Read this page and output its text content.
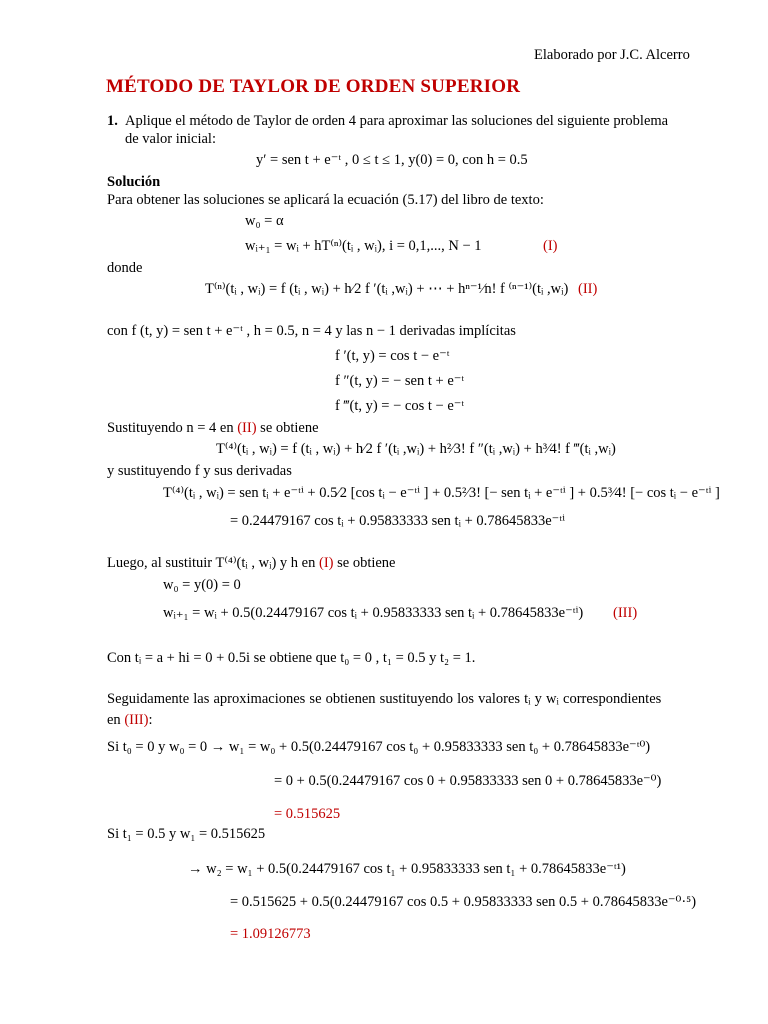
Elaborado por J.C. Alcerro
MÉTODO DE TAYLOR DE ORDEN SUPERIOR
1. Aplique el método de Taylor de orden 4 para aproximar las soluciones del siguiente problema
de valor inicial:
y′ = sen t + e⁻ᵗ , 0 ≤ t ≤ 1, y(0) = 0, con h = 0.5
Solución
Para obtener las soluciones se aplicará la ecuación (5.17) del libro de texto:
w₀ = α
wᵢ₊₁ = wᵢ + hT⁽ⁿ⁾(tᵢ , wᵢ), i = 0,1,..., N − 1	(I)
donde
T⁽ⁿ⁾(tᵢ , wᵢ) = f (tᵢ , wᵢ) + h⁄2 f ′(tᵢ ,wᵢ) + ⋯ + hⁿ⁻¹⁄n! f ⁽ⁿ⁻¹⁾(tᵢ ,wᵢ) (II)
con f (t, y) = sen t + e⁻ᵗ , h = 0.5, n = 4 y las n − 1 derivadas implícitas
f ′(t, y) = cos t − e⁻ᵗ
f ″(t, y) = − sen t + e⁻ᵗ
f ‴(t, y) = − cos t − e⁻ᵗ
Sustituyendo n = 4 en (II) se obtiene
T⁽⁴⁾(tᵢ , wᵢ) = f (tᵢ , wᵢ) + h⁄2 f ′(tᵢ ,wᵢ) + h²⁄3! f ″(tᵢ ,wᵢ) + h³⁄4! f ‴(tᵢ ,wᵢ)
y sustituyendo f y sus derivadas
T⁽⁴⁾(tᵢ , wᵢ) = sen tᵢ + e⁻ᵗⁱ + 0.5⁄2 [cos tᵢ − e⁻ᵗⁱ ] + 0.5²⁄3! [− sen tᵢ + e⁻ᵗⁱ ] + 0.5³⁄4! [− cos tᵢ − e⁻ᵗⁱ ]
= 0.24479167 cos tᵢ + 0.95833333 sen tᵢ + 0.78645833e⁻ᵗⁱ
Luego, al sustituir T⁽⁴⁾(tᵢ , wᵢ) y h en (I) se obtiene
w₀ = y(0) = 0
wᵢ₊₁ = wᵢ + 0.5(0.24479167 cos tᵢ + 0.95833333 sen tᵢ + 0.78645833e⁻ᵗⁱ) (III)
Con tᵢ = a + hi = 0 + 0.5i se obtiene que t₀ = 0 , t₁ = 0.5 y t₂ = 1.
Seguidamente las aproximaciones se obtienen sustituyendo los valores tᵢ y wᵢ correspondientes
en (III):
Si t₀ = 0 y w₀ = 0 → w₁ = w₀ + 0.5(0.24479167 cos t₀ + 0.95833333 sen t₀ + 0.78645833e⁻ᵗ⁰)
= 0 + 0.5(0.24479167 cos 0 + 0.95833333 sen 0 + 0.78645833e⁻⁰)
= 0.515625
Si t₁ = 0.5 y w₁ = 0.515625
→ w₂ = w₁ + 0.5(0.24479167 cos t₁ + 0.95833333 sen t₁ + 0.78645833e⁻ᵗ¹)
= 0.515625 + 0.5(0.24479167 cos 0.5 + 0.95833333 sen 0.5 + 0.78645833e⁻⁰·⁵)
= 1.09126773
